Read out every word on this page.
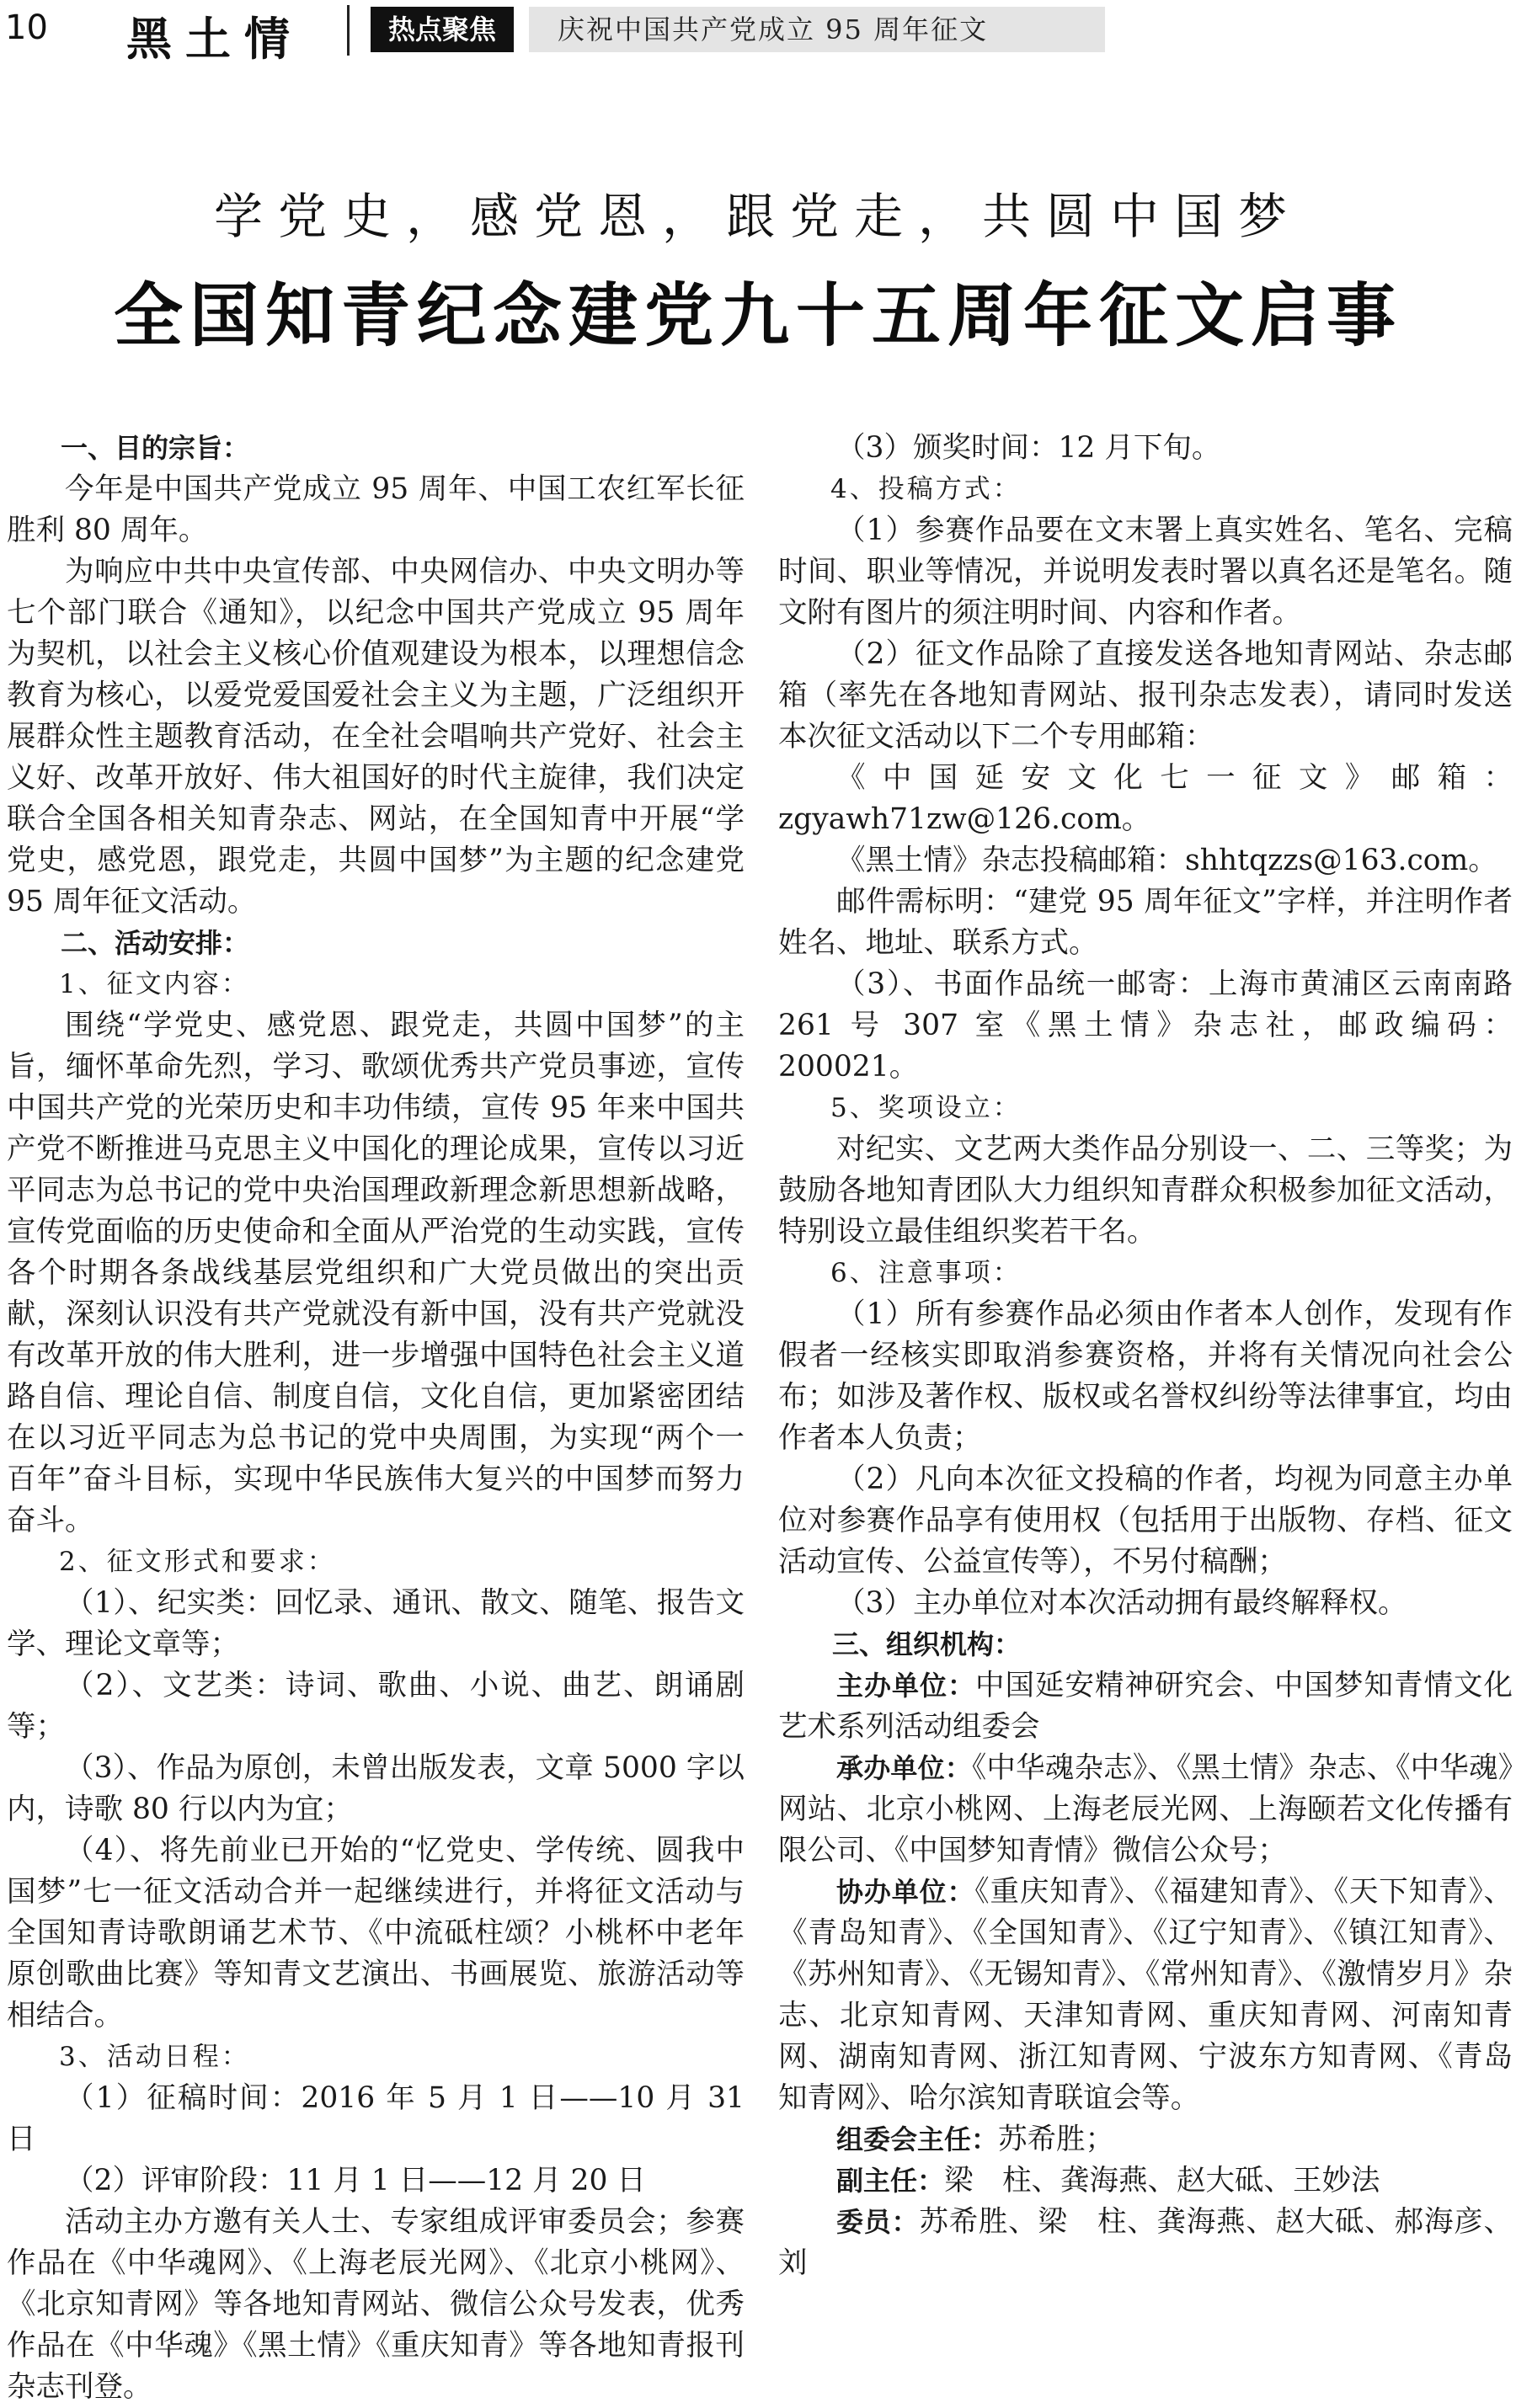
10 黑土情	热点聚焦	庆祝中国共产党成立 95 周年征文
学党史，感党恩，跟党走，共圆中国梦
全国知青纪念建党九十五周年征文启事

一、目的宗旨：

今年是中国共产党成立 95 周年、中国工农红军长征胜利 80 周年。

为响应中共中央宣传部、中央网信办、中央文明办等七个部门联合《通知》，以纪念中国共产党成立 95 周年为契机，以社会主义核心价值观建设为根本，以理想信念教育为核心，以爱党爱国爱社会主义为主题，广泛组织开展群众性主题教育活动，在全社会唱响共产党好、社会主义好、改革开放好、伟大祖国好的时代主旋律，我们决定联合全国各相关知青杂志、网站，在全国知青中开展“学党史，感党恩，跟党走，共圆中国梦”为主题的纪念建党 95 周年征文活动。

二、活动安排：

1、征文内容：

围绕“学党史、感党恩、跟党走，共圆中国梦”的主旨，缅怀革命先烈，学习、歌颂优秀共产党员事迹，宣传中国共产党的光荣历史和丰功伟绩，宣传 95 年来中国共产党不断推进马克思主义中国化的理论成果，宣传以习近平同志为总书记的党中央治国理政新理念新思想新战略，宣传党面临的历史使命和全面从严治党的生动实践，宣传各个时期各条战线基层党组织和广大党员做出的突出贡献，深刻认识没有共产党就没有新中国，没有共产党就没有改革开放的伟大胜利，进一步增强中国特色社会主义道路自信、理论自信、制度自信，文化自信，更加紧密团结在以习近平同志为总书记的党中央周围，为实现“两个一百年”奋斗目标，实现中华民族伟大复兴的中国梦而努力奋斗。

2、征文形式和要求：

（1）、纪实类：回忆录、通讯、散文、随笔、报告文学、理论文章等；

（2）、文艺类：诗词、歌曲、小说、曲艺、朗诵剧等；

（3）、作品为原创，未曾出版发表，文章 5000 字以内，诗歌 80 行以内为宜；

（4）、将先前业已开始的“忆党史、学传统、圆我中国梦”七一征文活动合并一起继续进行，并将征文活动与全国知青诗歌朗诵艺术节、《中流砥柱颂？小桃杯中老年原创歌曲比赛》等知青文艺演出、书画展览、旅游活动等相结合。

3、活动日程：

（1）征稿时间：2016 年 5 月 1 日——10 月 31 日

（2）评审阶段：11 月 1 日——12 月 20 日

活动主办方邀有关人士、专家组成评审委员会；参赛作品在《中华魂网》、《上海老辰光网》、《北京小桃网》、《北京知青网》等各地知青网站、微信公众号发表，优秀作品在《中华魂》《黑土情》《重庆知青》等各地知青报刊杂志刊登。

（3）颁奖时间：12 月下旬。

4、投稿方式：

（1）参赛作品要在文末署上真实姓名、笔名、完稿时间、职业等情况，并说明发表时署以真名还是笔名。随文附有图片的须注明时间、内容和作者。

（2）征文作品除了直接发送各地知青网站、杂志邮箱（率先在各地知青网站、报刊杂志发表），请同时发送本次征文活动以下二个专用邮箱：

《中国延安文化七一征文》邮箱：zgyawh71zw@126.com。

《黑土情》杂志投稿邮箱：shhtqzzs@163.com。

邮件需标明：“建党 95 周年征文”字样，并注明作者姓名、地址、联系方式。

（3）、书面作品统一邮寄：上海市黄浦区云南南路 261 号 307 室《黑土情》杂志社，邮政编码：200021。

5、奖项设立：

对纪实、文艺两大类作品分别设一、二、三等奖；为鼓励各地知青团队大力组织知青群众积极参加征文活动，特别设立最佳组织奖若干名。

6、注意事项：

（1）所有参赛作品必须由作者本人创作，发现有作假者一经核实即取消参赛资格，并将有关情况向社会公布；如涉及著作权、版权或名誉权纠纷等法律事宜，均由作者本人负责；

（2）凡向本次征文投稿的作者，均视为同意主办单位对参赛作品享有使用权（包括用于出版物、存档、征文活动宣传、公益宣传等），不另付稿酬；

（3）主办单位对本次活动拥有最终解释权。

三、组织机构：

主办单位：中国延安精神研究会、中国梦知青情文化艺术系列活动组委会

承办单位：《中华魂杂志》、《黑土情》杂志、《中华魂》网站、北京小桃网、上海老辰光网、上海颐若文化传播有限公司、《中国梦知青情》微信公众号；

协办单位：《重庆知青》、《福建知青》、《天下知青》、《青岛知青》、《全国知青》、《辽宁知青》、《镇江知青》、《苏州知青》、《无锡知青》、《常州知青》、《激情岁月》杂志、北京知青网、天津知青网、重庆知青网、河南知青网、湖南知青网、浙江知青网、宁波东方知青网、《青岛知青网》、哈尔滨知青联谊会等。

组委会主任：苏希胜；

副主任：梁　柱、龚海燕、赵大砥、王妙法

委员：苏希胜、梁　柱、龚海燕、赵大砥、郝海彦、刘
